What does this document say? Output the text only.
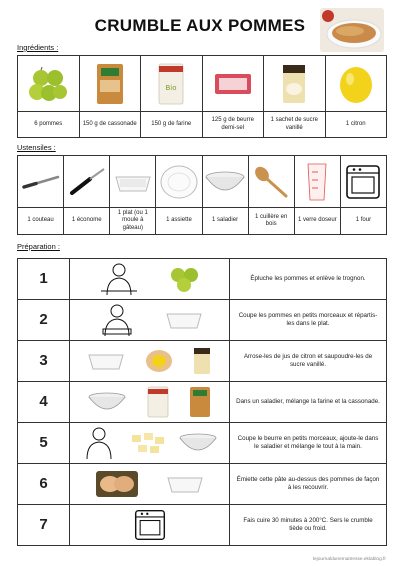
CRUMBLE AUX POMMES
Ingrédients :

Bio

6 pommes	150 g de cassonade	150 g de farine	125 g de beurre demi-sel	1 sachet de sucre vanillé	1 citron
Ustensiles :

1 couteau	1 économe	1 plat (ou 1 moule à gâteau)	1 assiette	1 saladier	1 cuillère en bois	1 verre doseur	1 four
Préparation :
1		Épluche les pommes et enlève le trognon.
2		Coupe les pommes en petits morceaux et répartis-les dans le plat.
3		Arrose-les de jus de citron et saupoudre-les de sucre vanillé.
4		Dans un saladier, mélange la farine et la cassonade.
5		Coupe le beurre en petits morceaux, ajoute-le dans le saladier et mélange le tout à la main.
6		Émiette cette pâte au-dessus des pommes de façon à les recouvrir.
7		Fais cuire 30 minutes à 200°C. Sers le crumble tiède ou froid.
lejournaldunemaitresse.eklablog.fr
